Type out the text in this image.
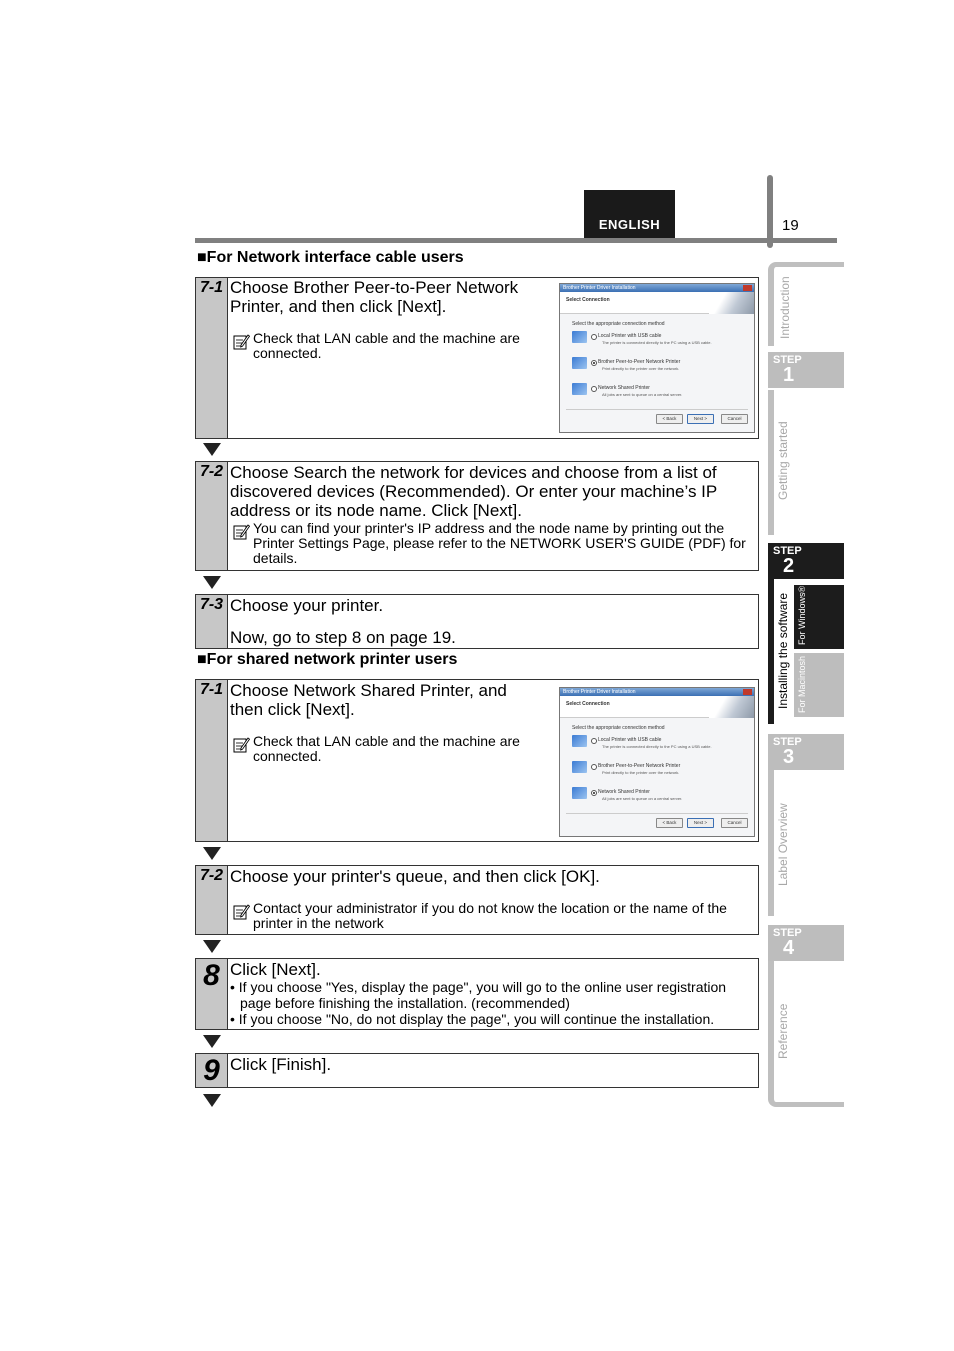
ENGLISH	19
■For Network interface cable users
7-1 Choose Brother Peer-to-Peer Network Printer, and then click [Next].
Check that LAN cable and the machine are connected.
Brother Printer Driver Installation
Select Connection
Select the appropriate connection method
Local Printer with USB cable
The printer is connected directly to the PC using a USB cable.
Brother Peer-to-Peer Network Printer
Print directly to the printer over the network.
Network Shared Printer
All jobs are sent to queue on a central server.
< Back	Next >	Cancel
7-2 Choose Search the network for devices and choose from a list of discovered devices (Recommended). Or enter your machine’s IP address or its node name. Click [Next].
You can find your printer's IP address and the node name by printing out the Printer Settings Page, please refer to the NETWORK USER'S GUIDE (PDF) for details.
7-3 Choose your printer.
Now, go to step 8 on page 19.
■For shared network printer users
7-1 Choose Network Shared Printer, and then click [Next].
Check that LAN cable and the machine are connected.
Brother Printer Driver Installation
Select Connection
Select the appropriate connection method
Local Printer with USB cable
The printer is connected directly to the PC using a USB cable.
Brother Peer-to-Peer Network Printer
Print directly to the printer over the network.
Network Shared Printer
All jobs are sent to queue on a central server.
< Back	Next >	Cancel
7-2 Choose your printer's queue, and then click [OK].
Contact your administrator if you do not know the location or the name of the printer in the network
8 Click [Next].
• If you choose "Yes, display the page", you will go to the online user registration page before finishing the installation. (recommended)
• If you choose "No, do not display the page", you will continue the installation.
9 Click [Finish].
Introduction
STEP
1
Getting started
STEP
2
Installing the software For Windows®
For Macintosh
STEP
3
Label Overview
STEP
4
Reference
